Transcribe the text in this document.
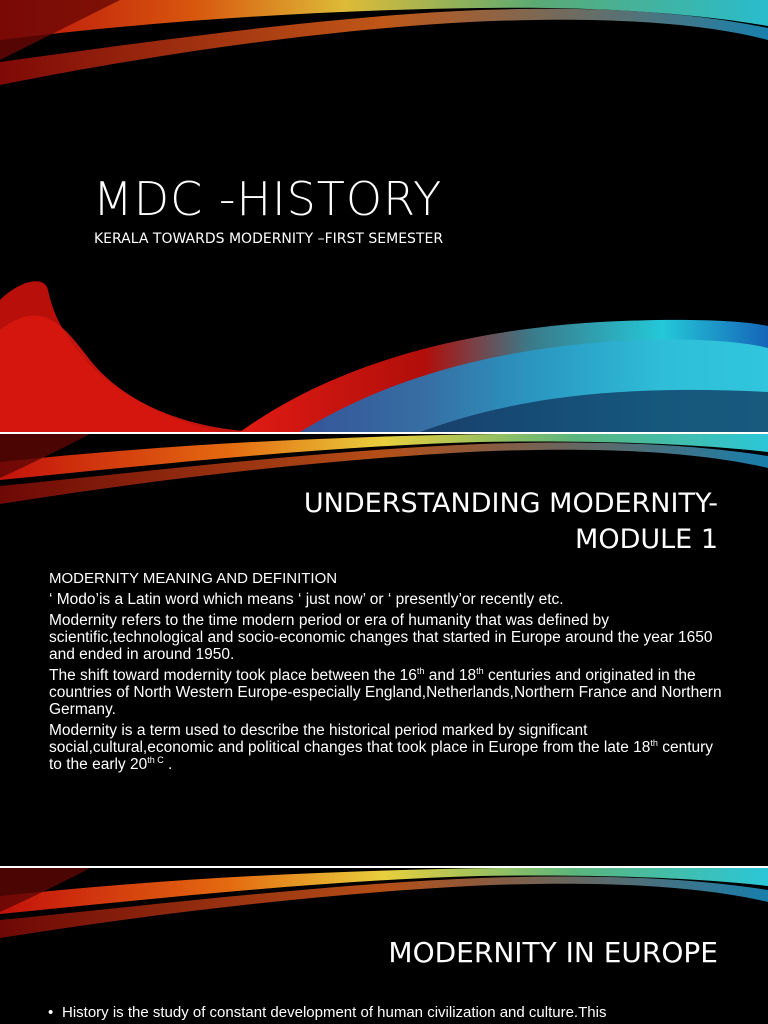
MDC -HISTORY
KERALA TOWARDS MODERNITY –FIRST SEMESTER
UNDERSTANDING MODERNITY-
MODULE 1

MODERNITY MEANING AND DEFINITION

‘ Modo’is a Latin word which means ‘ just now’ or ‘ presently’or recently etc.

Modernity refers to the time modern period or era of humanity that was defined by scientific,technological and socio-economic changes that started in Europe around the year 1650 and ended in around 1950.

The shift toward modernity took place between the 16th and 18th centuries and originated in the countries of North Western Europe-especially England,Netherlands,Northern France and Northern Germany.

Modernity is a term used to describe the historical period marked by significant social,cultural,economic and political changes that took place in Europe from the late 18th century to the early $20^{th C}$ .

MODERNITY IN EUROPE
• History is the study of constant development of human civilization and culture.This
